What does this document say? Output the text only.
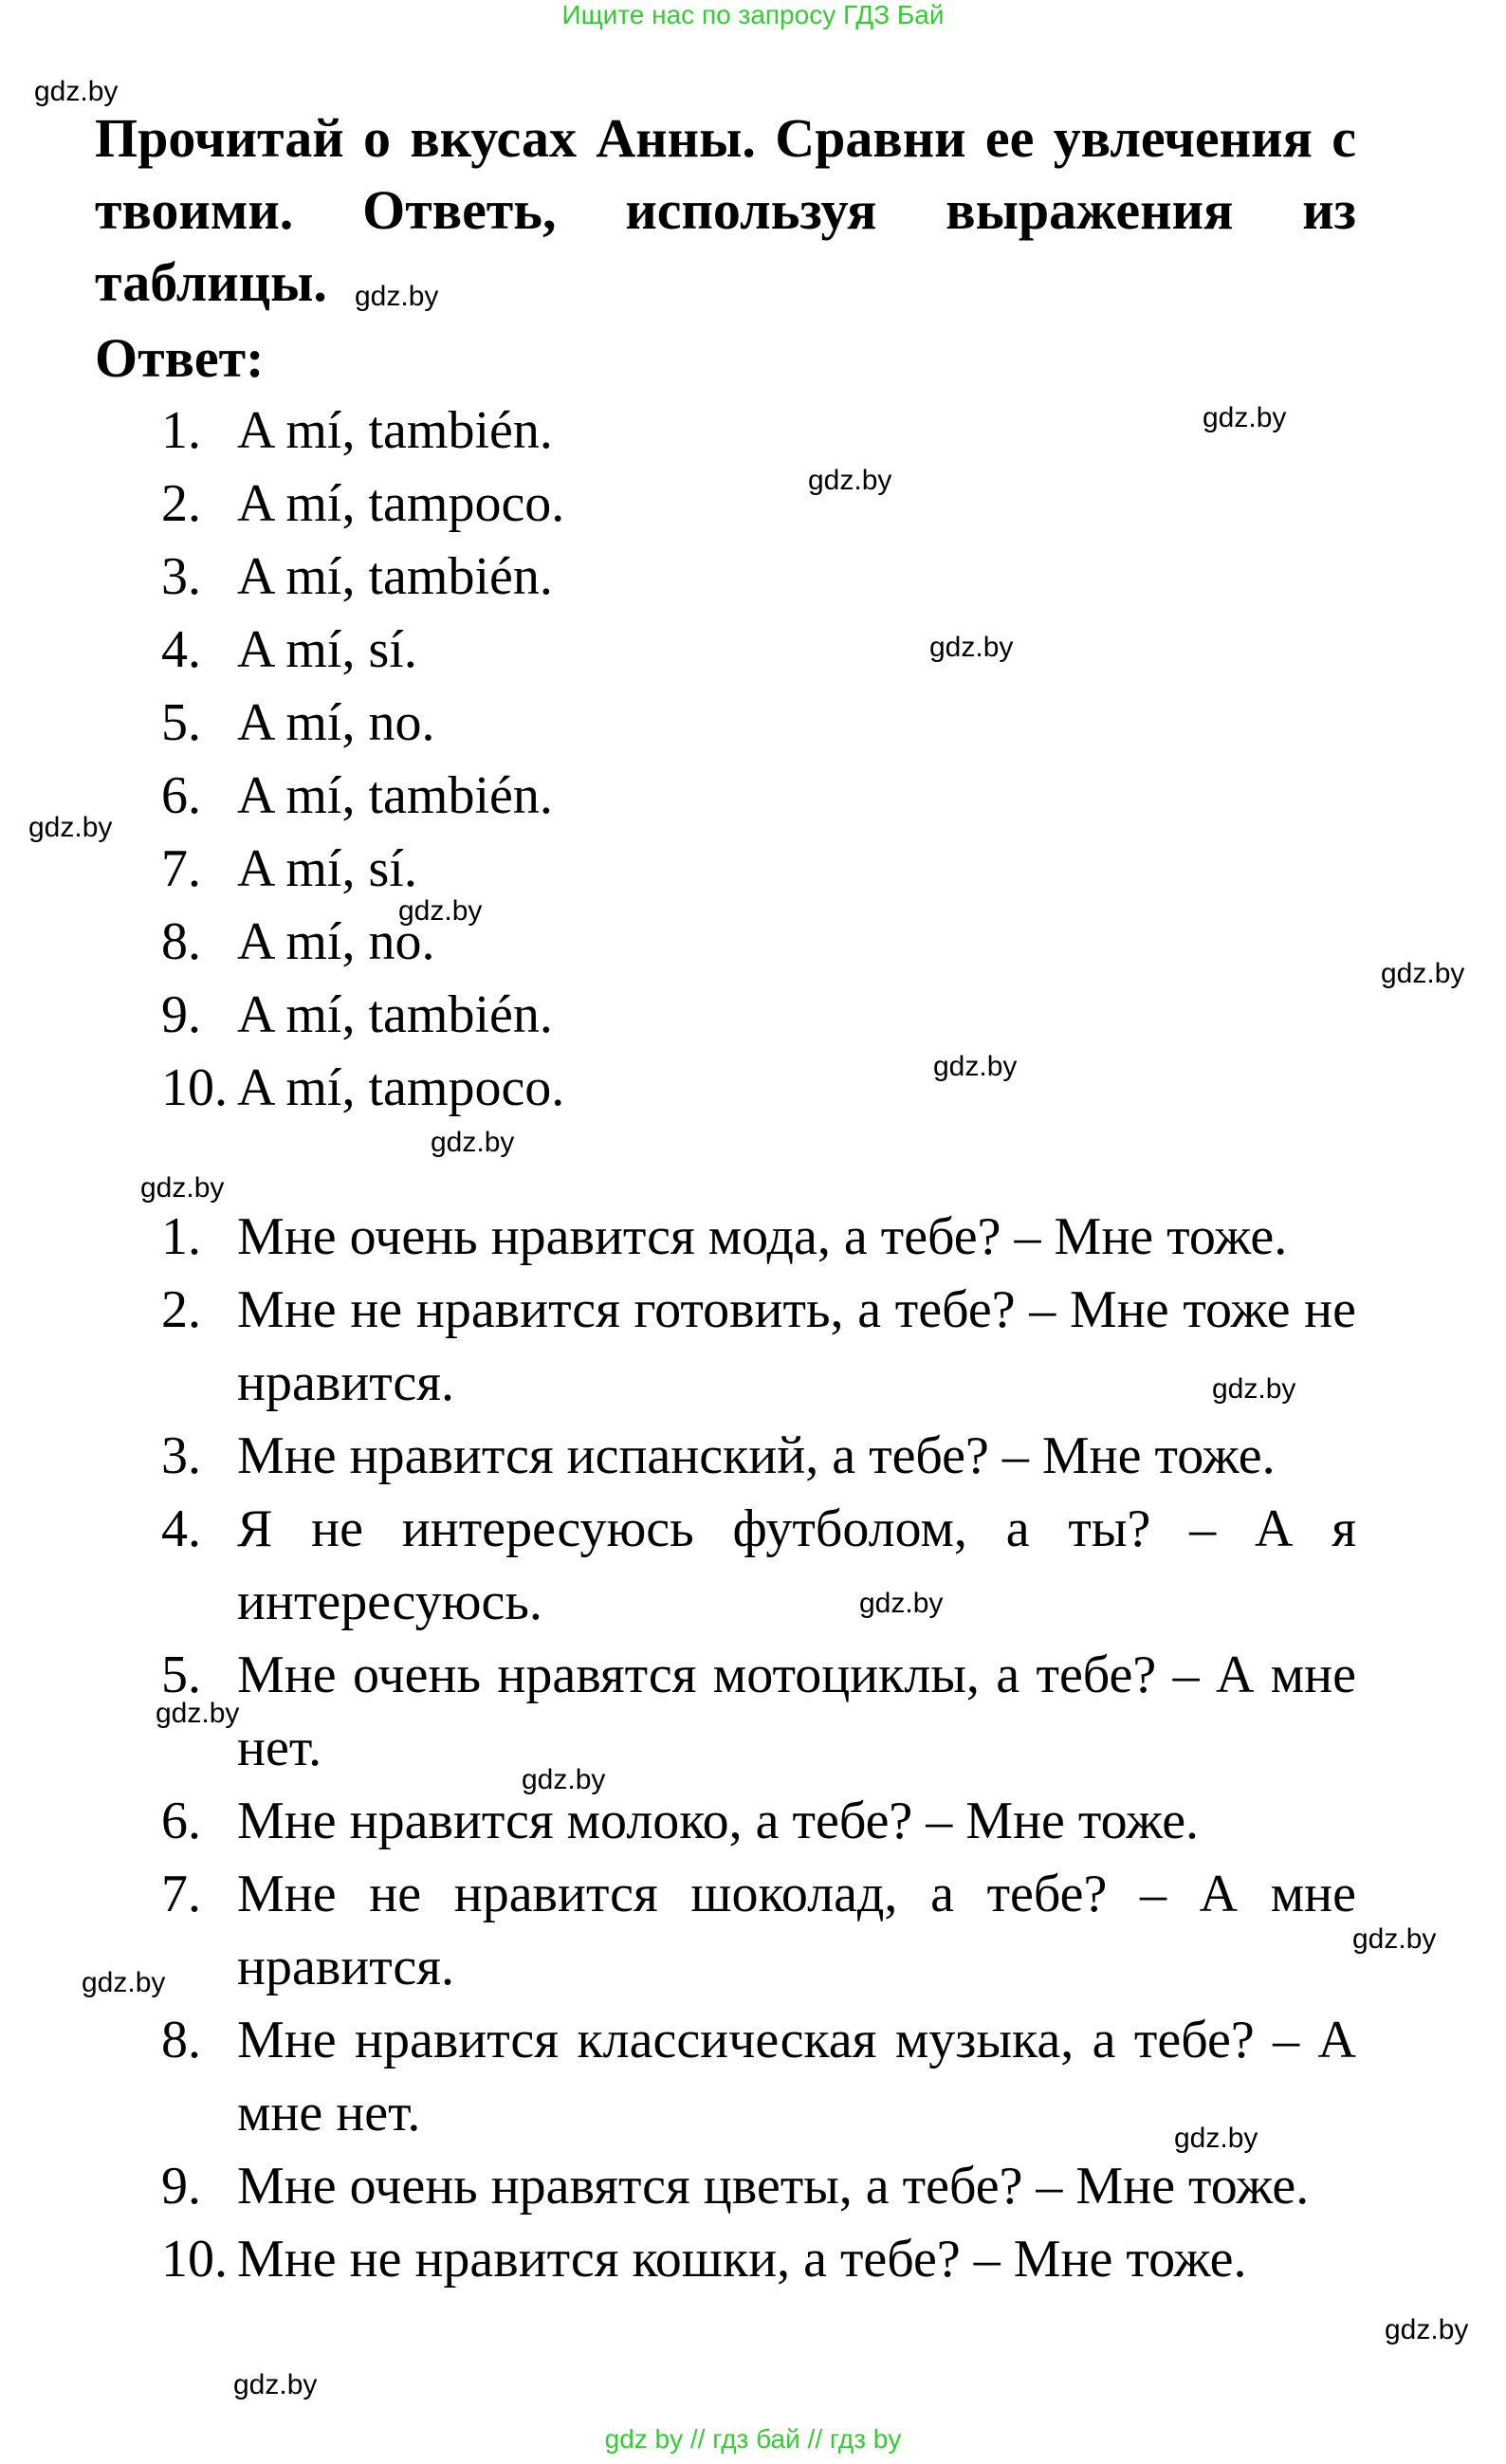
Ищите нас по запросу ГДЗ Бай
Прочитай о вкусах Анны. Сравни ее увлечения с твоими. Ответь, используя выражения из таблицы.
Ответ:
1. A mí, también.
2. A mí, tampoco.
3. A mí, también.
4. A mí, sí.
5. A mí, no.
6. A mí, también.
7. A mí, sí.
8. A mí, no.
9. A mí, también.
10. A mí, tampoco.
1. Мне очень нравится мода, а тебе? – Мне тоже.
2. Мне не нравится готовить, а тебе? – Мне тоже не нравится.
3. Мне нравится испанский, а тебе? – Мне тоже.
4. Я не интересуюсь футболом, а ты? – А я интересуюсь.
5. Мне очень нравятся мотоциклы, а тебе? – А мне нет.
6. Мне нравится молоко, а тебе? – Мне тоже.
7. Мне не нравится шоколад, а тебе? – А мне нравится.
8. Мне нравится классическая музыка, а тебе? – А мне нет.
9. Мне очень нравятся цветы, а тебе? – Мне тоже.
10. Мне не нравится кошки, а тебе? – Мне тоже.
gdz.by
gdz.by
gdz.by
gdz.by
gdz.by
gdz.by
gdz.by
gdz.by
gdz.by
gdz.by
gdz.by
gdz.by
gdz.by
gdz.by
gdz.by
gdz.by
gdz.by
gdz.by
gdz.by
gdz.by
gdz by // гдз бай // гдз by
